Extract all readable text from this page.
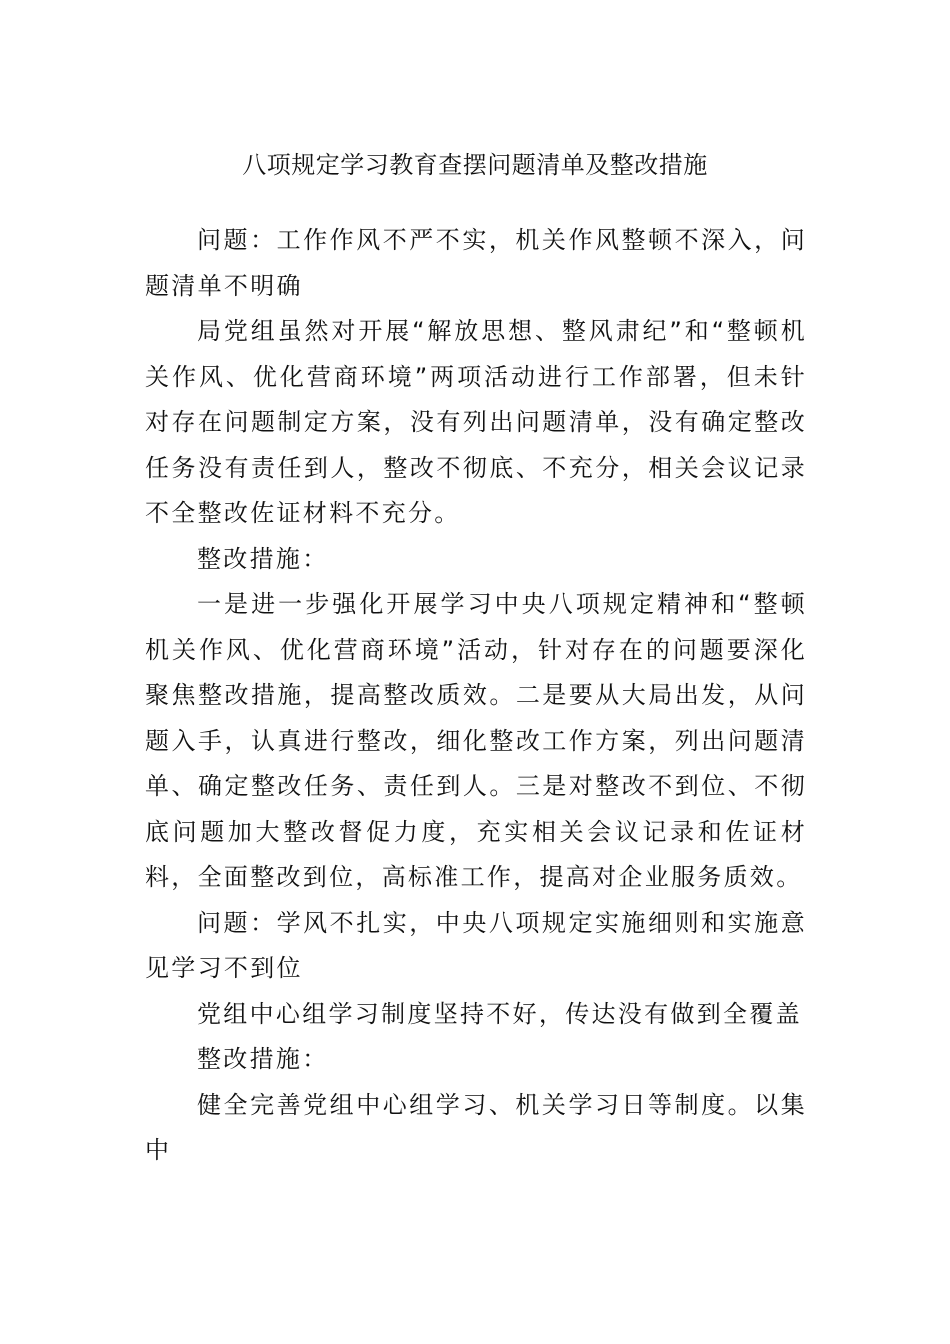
八项规定学习教育查摆问题清单及整改措施

问题：工作作风不严不实，机关作风整顿不深入，问题清单不明确

局党组虽然对开展“解放思想、整风肃纪”和“整顿机关作风、优化营商环境”两项活动进行工作部署，但未针对存在问题制定方案，没有列出问题清单，没有确定整改任务没有责任到人，整改不彻底、不充分，相关会议记录不全整改佐证材料不充分。

整改措施：

一是进一步强化开展学习中央八项规定精神和“整顿机关作风、优化营商环境”活动，针对存在的问题要深化聚焦整改措施，提高整改质效。二是要从大局出发，从问题入手，认真进行整改，细化整改工作方案，列出问题清单、确定整改任务、责任到人。三是对整改不到位、不彻底问题加大整改督促力度，充实相关会议记录和佐证材料，全面整改到位，高标准工作，提高对企业服务质效。

问题：学风不扎实，中央八项规定实施细则和实施意见学习不到位

党组中心组学习制度坚持不好，传达没有做到全覆盖

整改措施：

健全完善党组中心组学习、机关学习日等制度。以集中
